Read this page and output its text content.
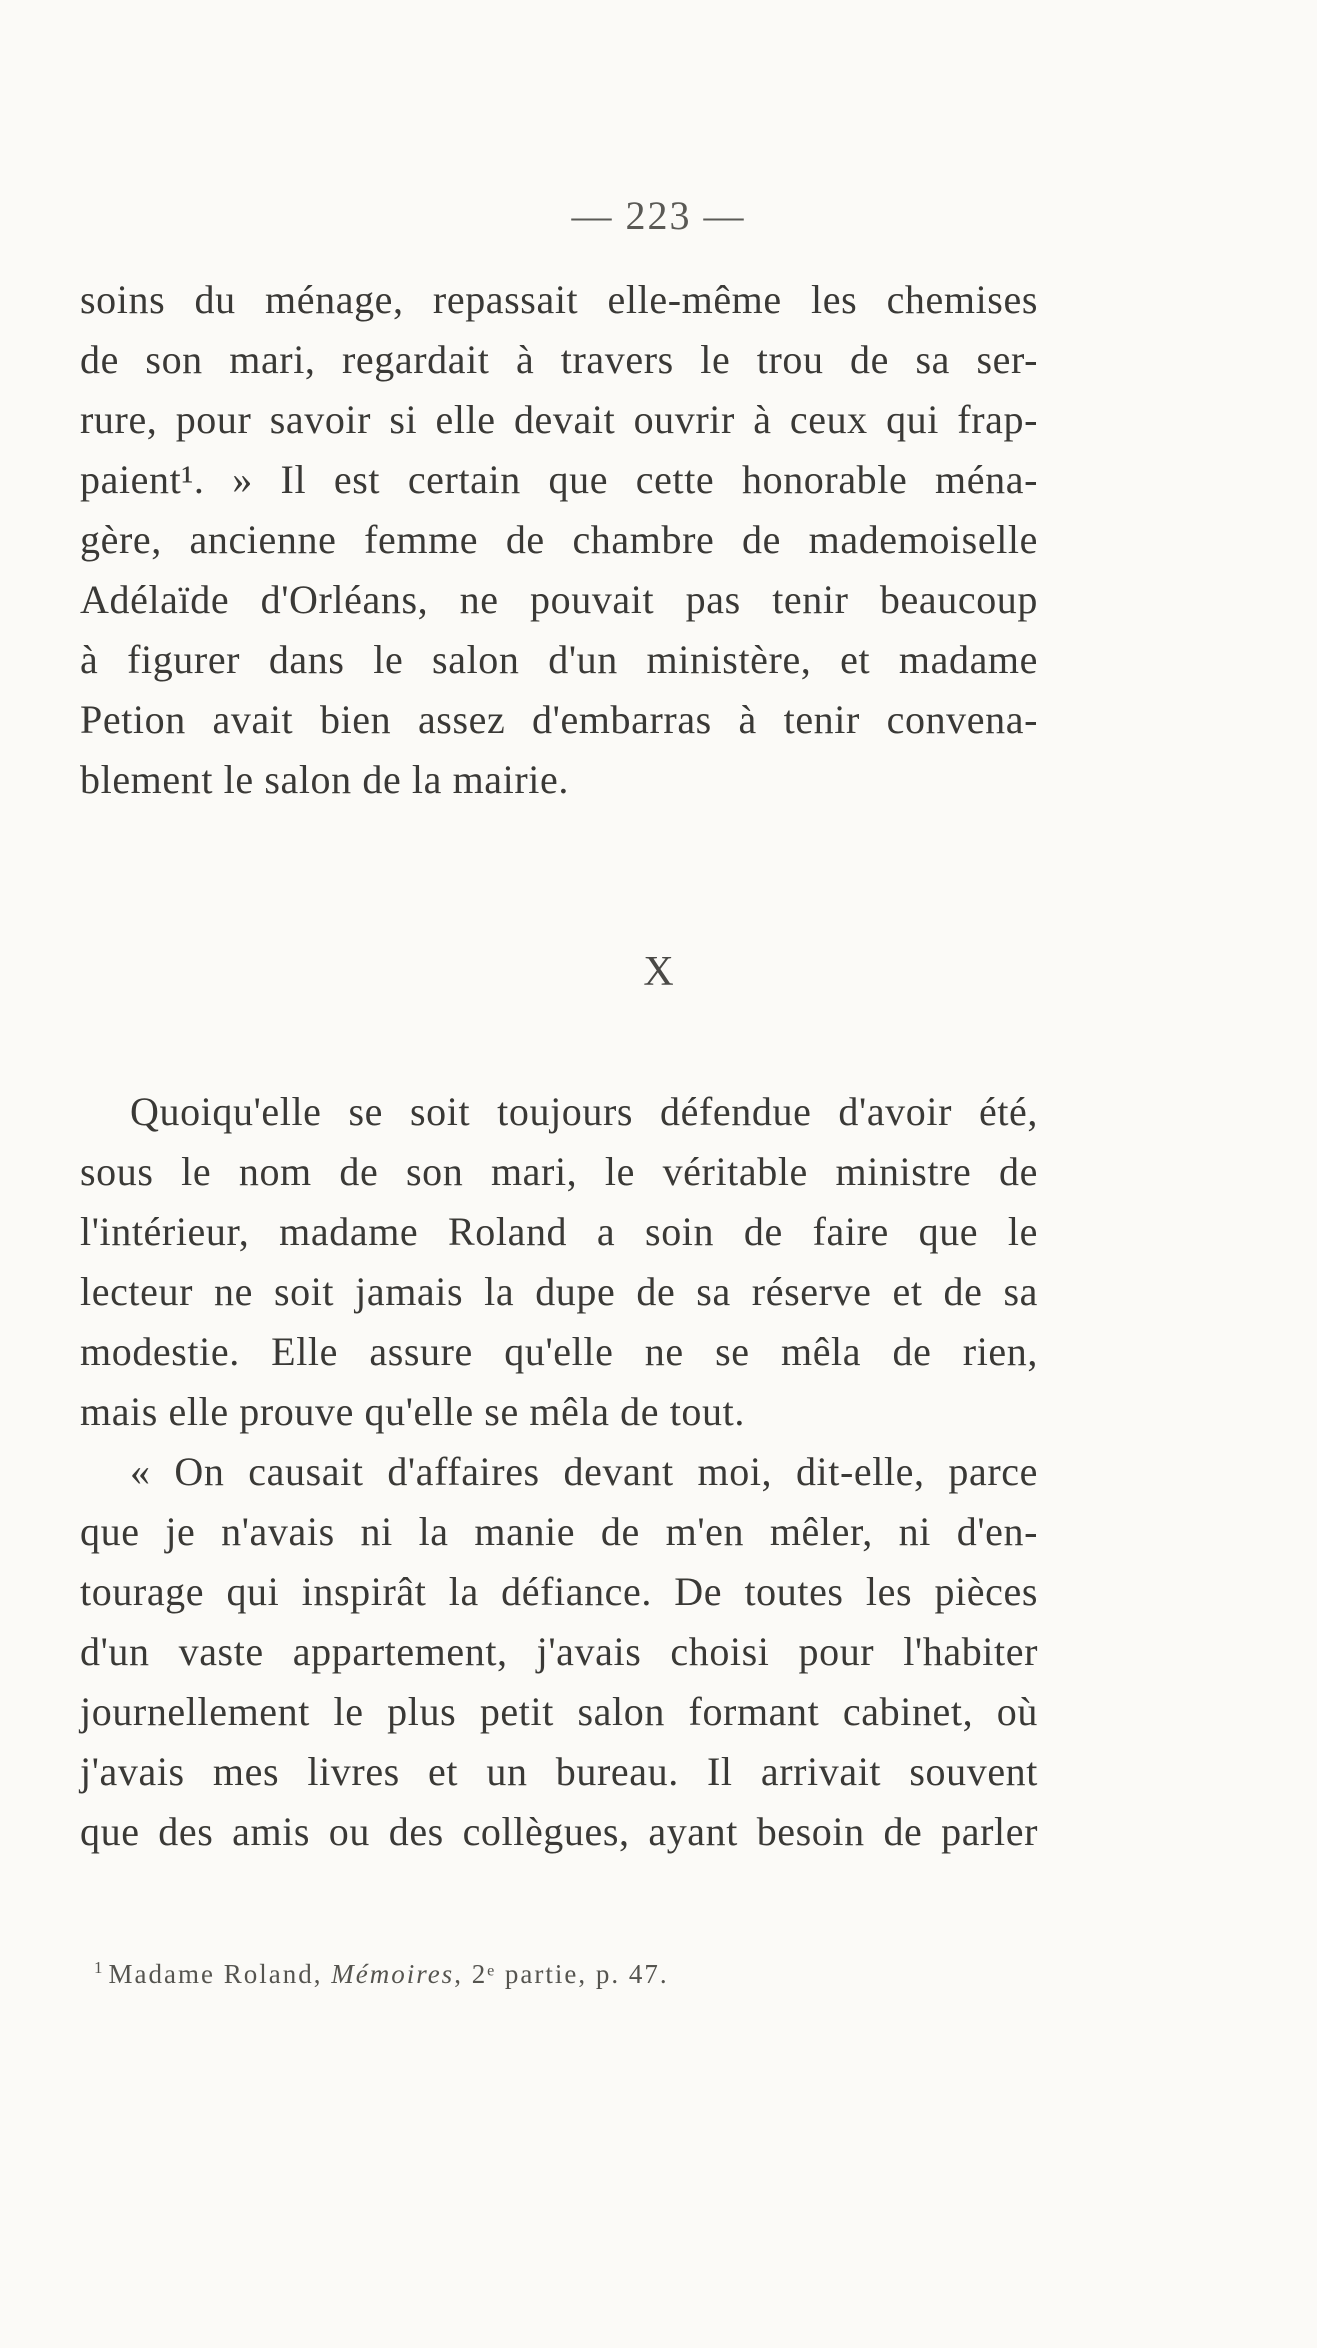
— 223 —
soins du ménage, repassait elle-même les chemises
de son mari, regardait à travers le trou de sa ser-
rure, pour savoir si elle devait ouvrir à ceux qui frap-
paient¹. » Il est certain que cette honorable ména-
gère, ancienne femme de chambre de mademoiselle
Adélaïde d'Orléans, ne pouvait pas tenir beaucoup
à figurer dans le salon d'un ministère, et madame
Petion avait bien assez d'embarras à tenir convena-
blement le salon de la mairie.
X
Quoiqu'elle se soit toujours défendue d'avoir été,
sous le nom de son mari, le véritable ministre de
l'intérieur, madame Roland a soin de faire que le
lecteur ne soit jamais la dupe de sa réserve et de sa
modestie. Elle assure qu'elle ne se mêla de rien,
mais elle prouve qu'elle se mêla de tout.
« On causait d'affaires devant moi, dit-elle, parce
que je n'avais ni la manie de m'en mêler, ni d'en-
tourage qui inspirât la défiance. De toutes les pièces
d'un vaste appartement, j'avais choisi pour l'habiter
journellement le plus petit salon formant cabinet, où
j'avais mes livres et un bureau. Il arrivait souvent
que des amis ou des collègues, ayant besoin de parler
$^1$ Madame Roland, Mémoires, 2ᵉ partie, p. 47.
